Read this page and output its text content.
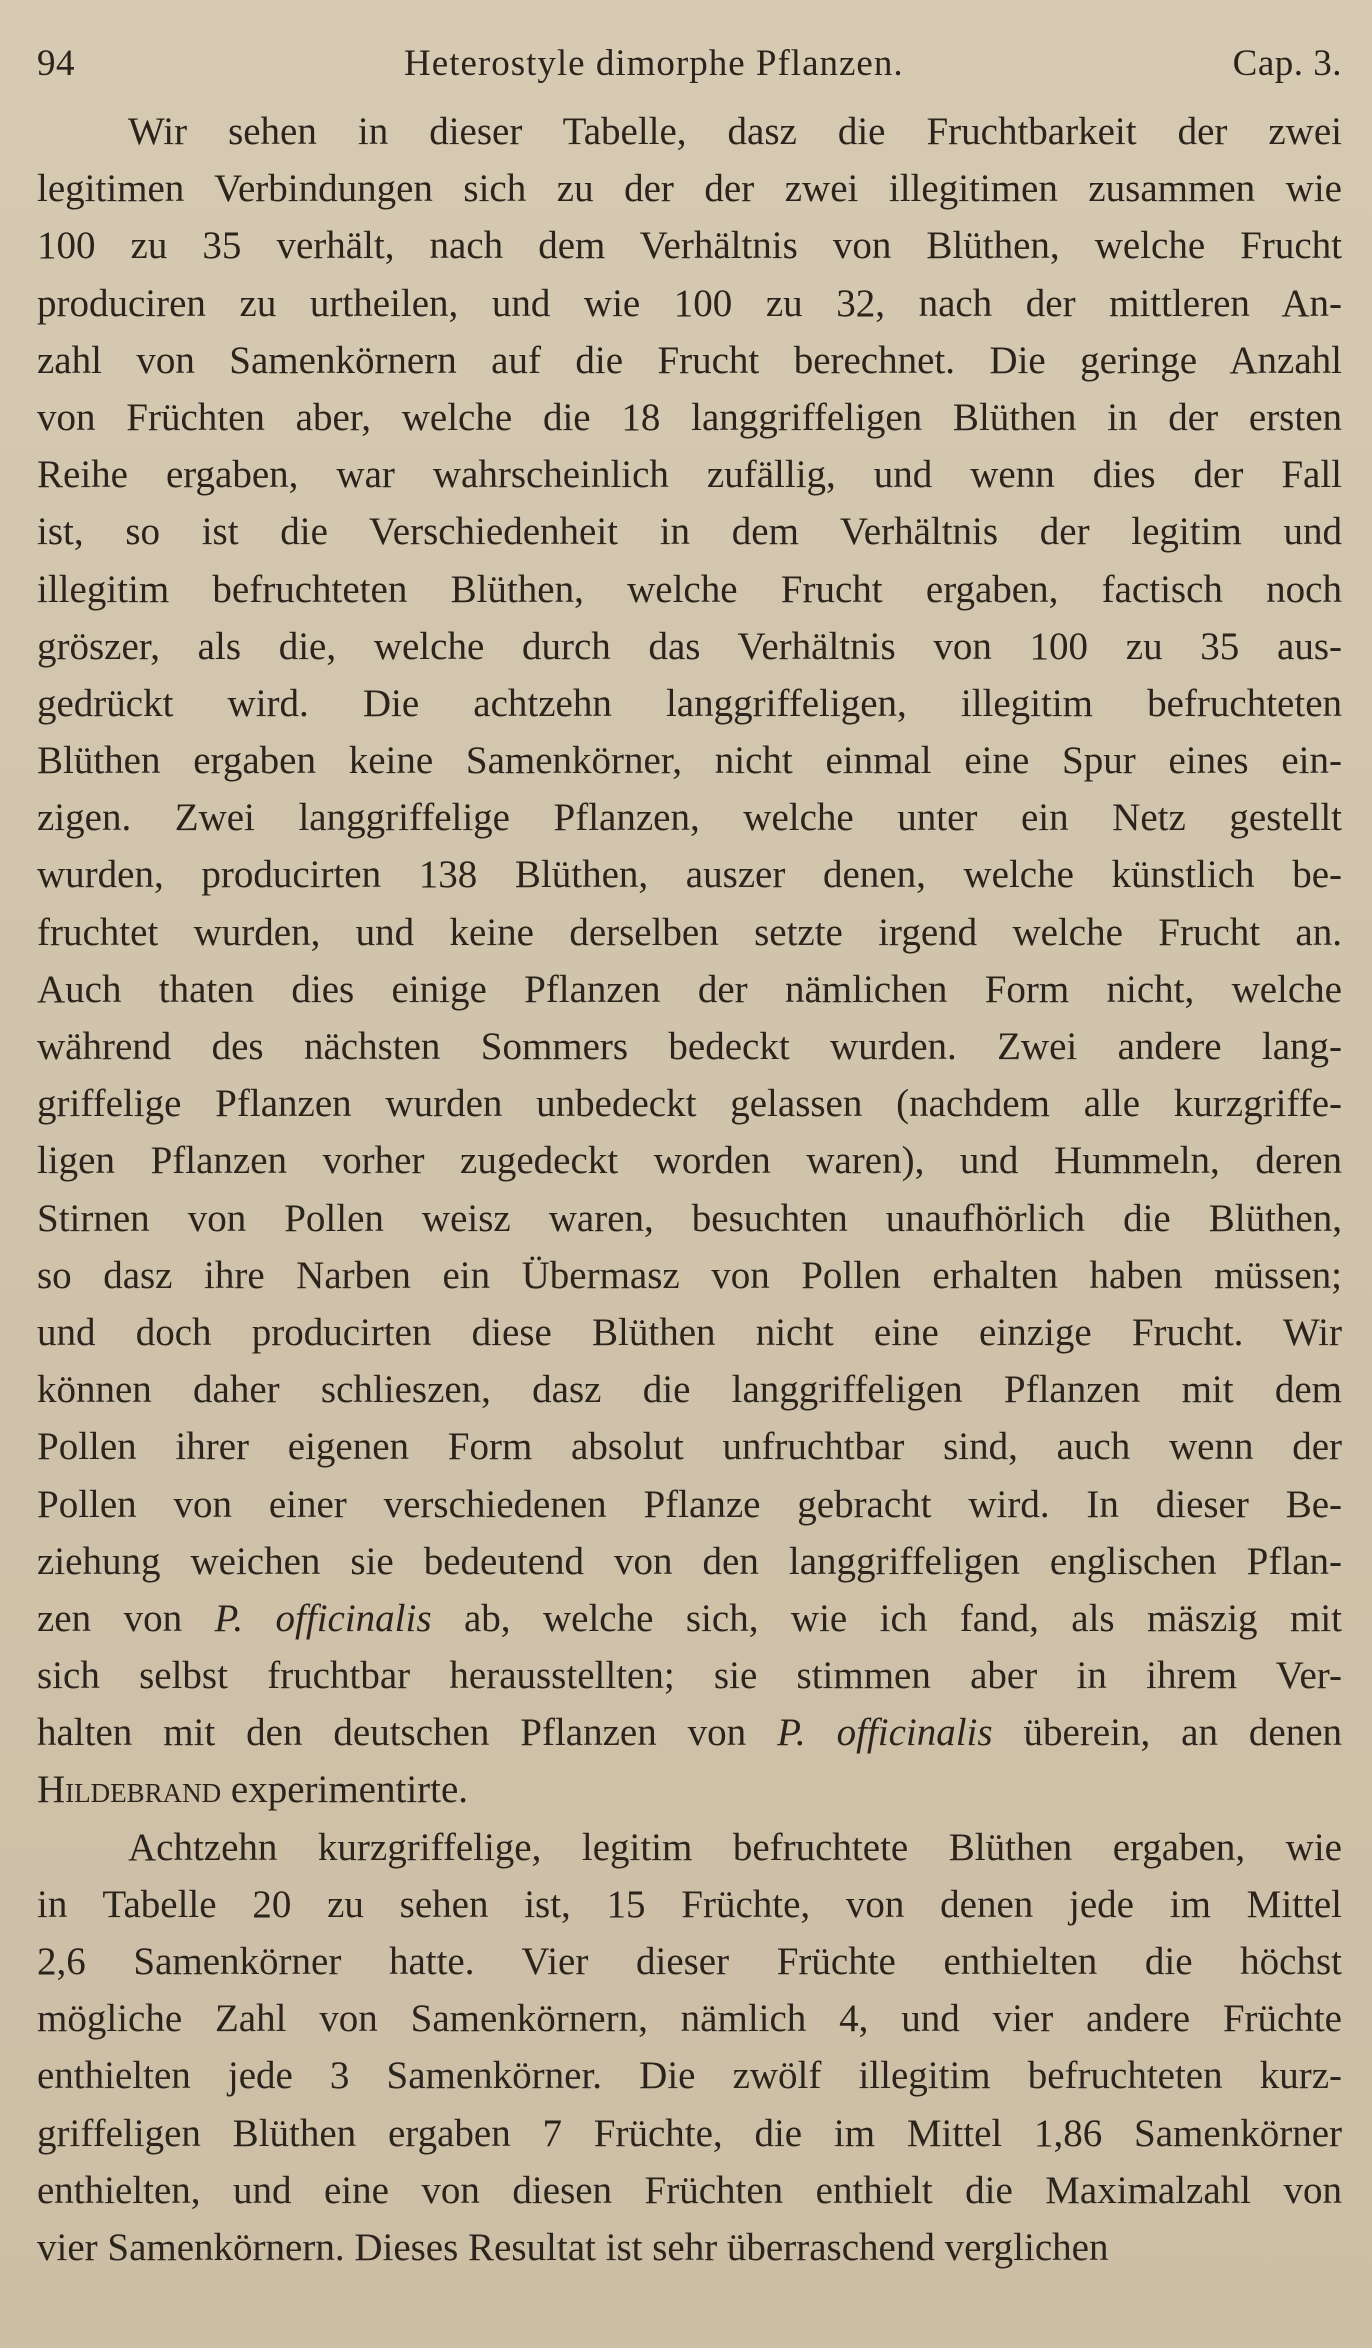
94	Heterostyle dimorphe Pflanzen.	Cap. 3.
Wir sehen in dieser Tabelle, dasz die Fruchtbarkeit der zwei
legitimen Verbindungen sich zu der der zwei illegitimen zusammen wie
100 zu 35 verhält, nach dem Verhältnis von Blüthen, welche Frucht
produciren zu urtheilen, und wie 100 zu 32, nach der mittleren An-
zahl von Samenkörnern auf die Frucht berechnet. Die geringe Anzahl
von Früchten aber, welche die 18 langgriffeligen Blüthen in der ersten
Reihe ergaben, war wahrscheinlich zufällig, und wenn dies der Fall
ist, so ist die Verschiedenheit in dem Verhältnis der legitim und
illegitim befruchteten Blüthen, welche Frucht ergaben, factisch noch
gröszer, als die, welche durch das Verhältnis von 100 zu 35 aus-
gedrückt wird. Die achtzehn langgriffeligen, illegitim befruchteten
Blüthen ergaben keine Samenkörner, nicht einmal eine Spur eines ein-
zigen. Zwei langgriffelige Pflanzen, welche unter ein Netz gestellt
wurden, producirten 138 Blüthen, auszer denen, welche künstlich be-
fruchtet wurden, und keine derselben setzte irgend welche Frucht an.
Auch thaten dies einige Pflanzen der nämlichen Form nicht, welche
während des nächsten Sommers bedeckt wurden. Zwei andere lang-
griffelige Pflanzen wurden unbedeckt gelassen (nachdem alle kurzgriffe-
ligen Pflanzen vorher zugedeckt worden waren), und Hummeln, deren
Stirnen von Pollen weisz waren, besuchten unaufhörlich die Blüthen,
so dasz ihre Narben ein Übermasz von Pollen erhalten haben müssen;
und doch producirten diese Blüthen nicht eine einzige Frucht. Wir
können daher schlieszen, dasz die langgriffeligen Pflanzen mit dem
Pollen ihrer eigenen Form absolut unfruchtbar sind, auch wenn der
Pollen von einer verschiedenen Pflanze gebracht wird. In dieser Be-
ziehung weichen sie bedeutend von den langgriffeligen englischen Pflan-
zen von P. officinalis ab, welche sich, wie ich fand, als mäszig mit
sich selbst fruchtbar herausstellten; sie stimmen aber in ihrem Ver-
halten mit den deutschen Pflanzen von P. officinalis überein, an denen
Hildebrand experimentirte.
Achtzehn kurzgriffelige, legitim befruchtete Blüthen ergaben, wie
in Tabelle 20 zu sehen ist, 15 Früchte, von denen jede im Mittel
2,6 Samenkörner hatte. Vier dieser Früchte enthielten die höchst
mögliche Zahl von Samenkörnern, nämlich 4, und vier andere Früchte
enthielten jede 3 Samenkörner. Die zwölf illegitim befruchteten kurz-
griffeligen Blüthen ergaben 7 Früchte, die im Mittel 1,86 Samenkörner
enthielten, und eine von diesen Früchten enthielt die Maximalzahl von
vier Samenkörnern. Dieses Resultat ist sehr überraschend verglichen
